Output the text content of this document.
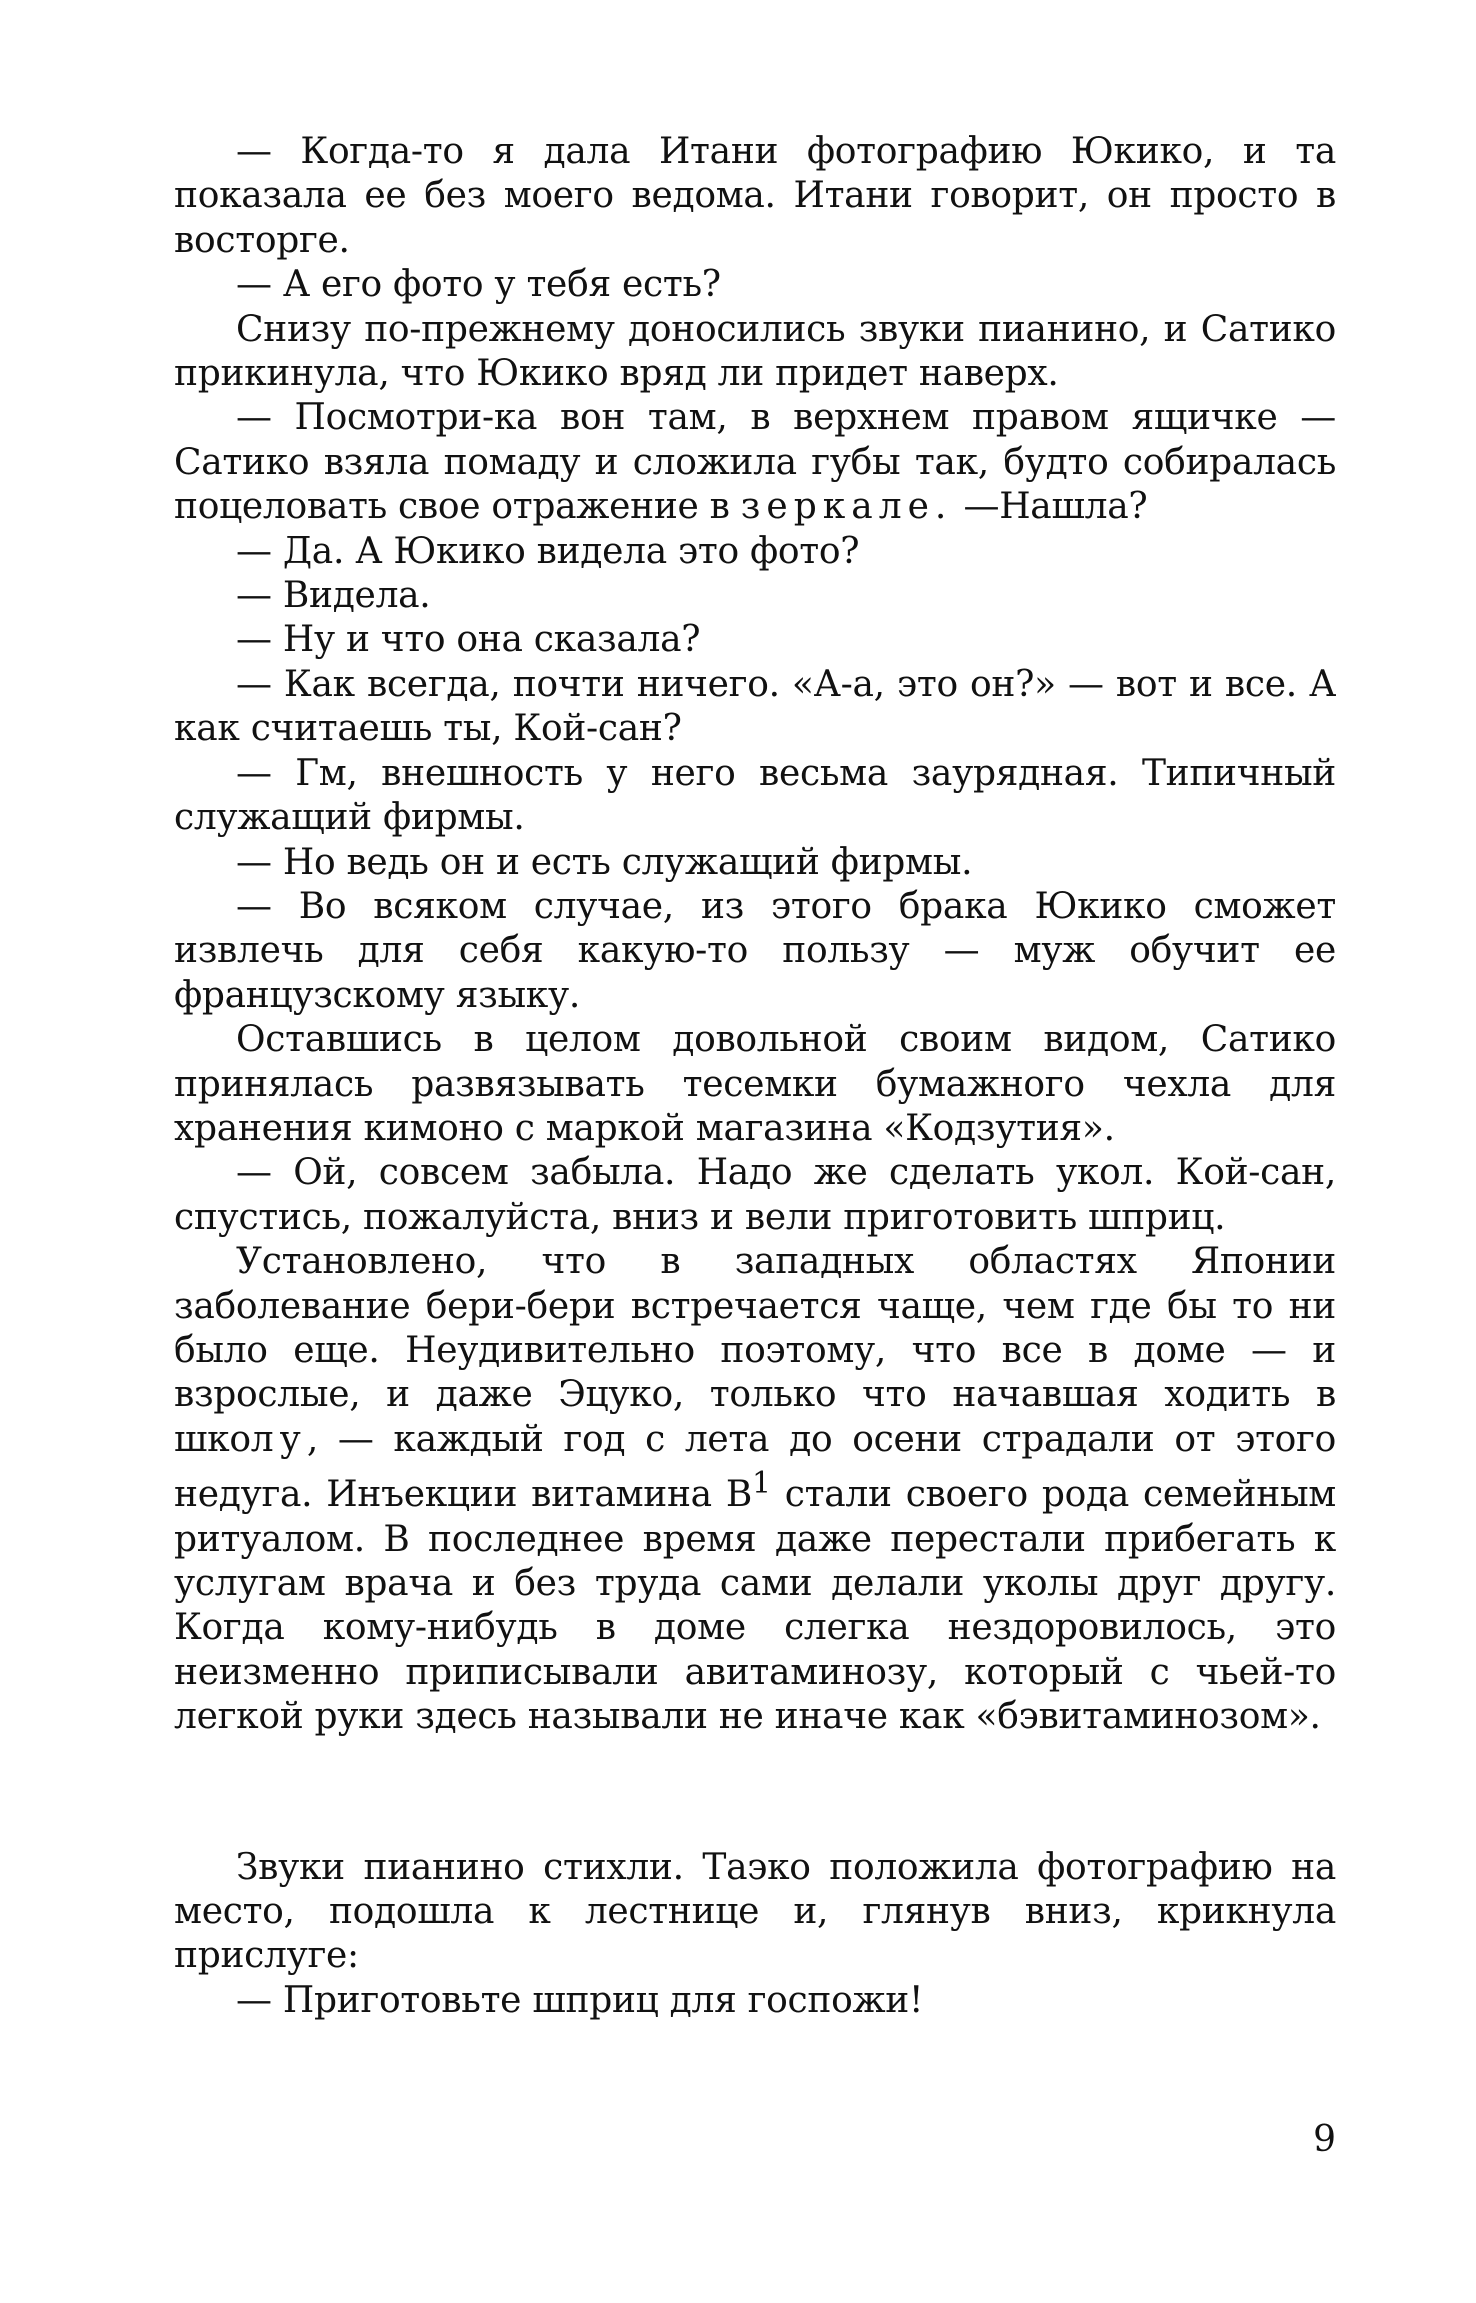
— Когда-то я дала Итани фотографию Юкико, и та показала ее без моего ведома. Итани говорит, он просто в восторге.

— А его фото у тебя есть?

Снизу по-прежнему доносились звуки пианино, и Сатико прикинула, что Юкико вряд ли придет наверх.

— Посмотри-ка вон там, в верхнем правом ящичке — Сатико взяла помаду и сложила губы так, будто собиралась поцеловать свое отражение в зеркале. —Нашла?

— Да. А Юкико видела это фото?

— Видела.

— Ну и что она сказала?

— Как всегда, почти ничего. «А-а, это он?» — вот и все. А как считаешь ты, Кой-сан?

— Гм, внешность у него весьма заурядная. Типичный служащий фирмы.

— Но ведь он и есть служащий фирмы.

— Во всяком случае, из этого брака Юкико сможет извлечь для себя какую-то пользу — муж обучит ее французскому языку.

Оставшись в целом довольной своим видом, Сатико принялась развязывать тесемки бумажного чехла для хранения кимоно с маркой магазина «Кодзутия».

— Ой, совсем забыла. Надо же сделать укол. Кой-сан, спустись, пожалуйста, вниз и вели приготовить шприц.

Установлено, что в западных областях Японии заболевание бери-бери встречается чаще, чем где бы то ни было еще. Неудивительно поэтому, что все в доме — и взрослые, и даже Эцуко, только что начавшая ходить в школу, — каждый год с лета до осени страдали от этого недуга. Инъекции витамина $В^1$ стали своего рода семейным ритуалом. В последнее время даже перестали прибегать к услугам врача и без труда сами делали уколы друг другу. Когда кому-нибудь в доме слегка нездоровилось, это неизменно приписывали авитаминозу, который с чьей-то легкой руки здесь называли не иначе как «бэвитаминозом».

Звуки пианино стихли. Таэко положила фотографию на место, подошла к лестнице и, глянув вниз, крикнула прислуге:

— Приготовьте шприц для госпожи!

9
